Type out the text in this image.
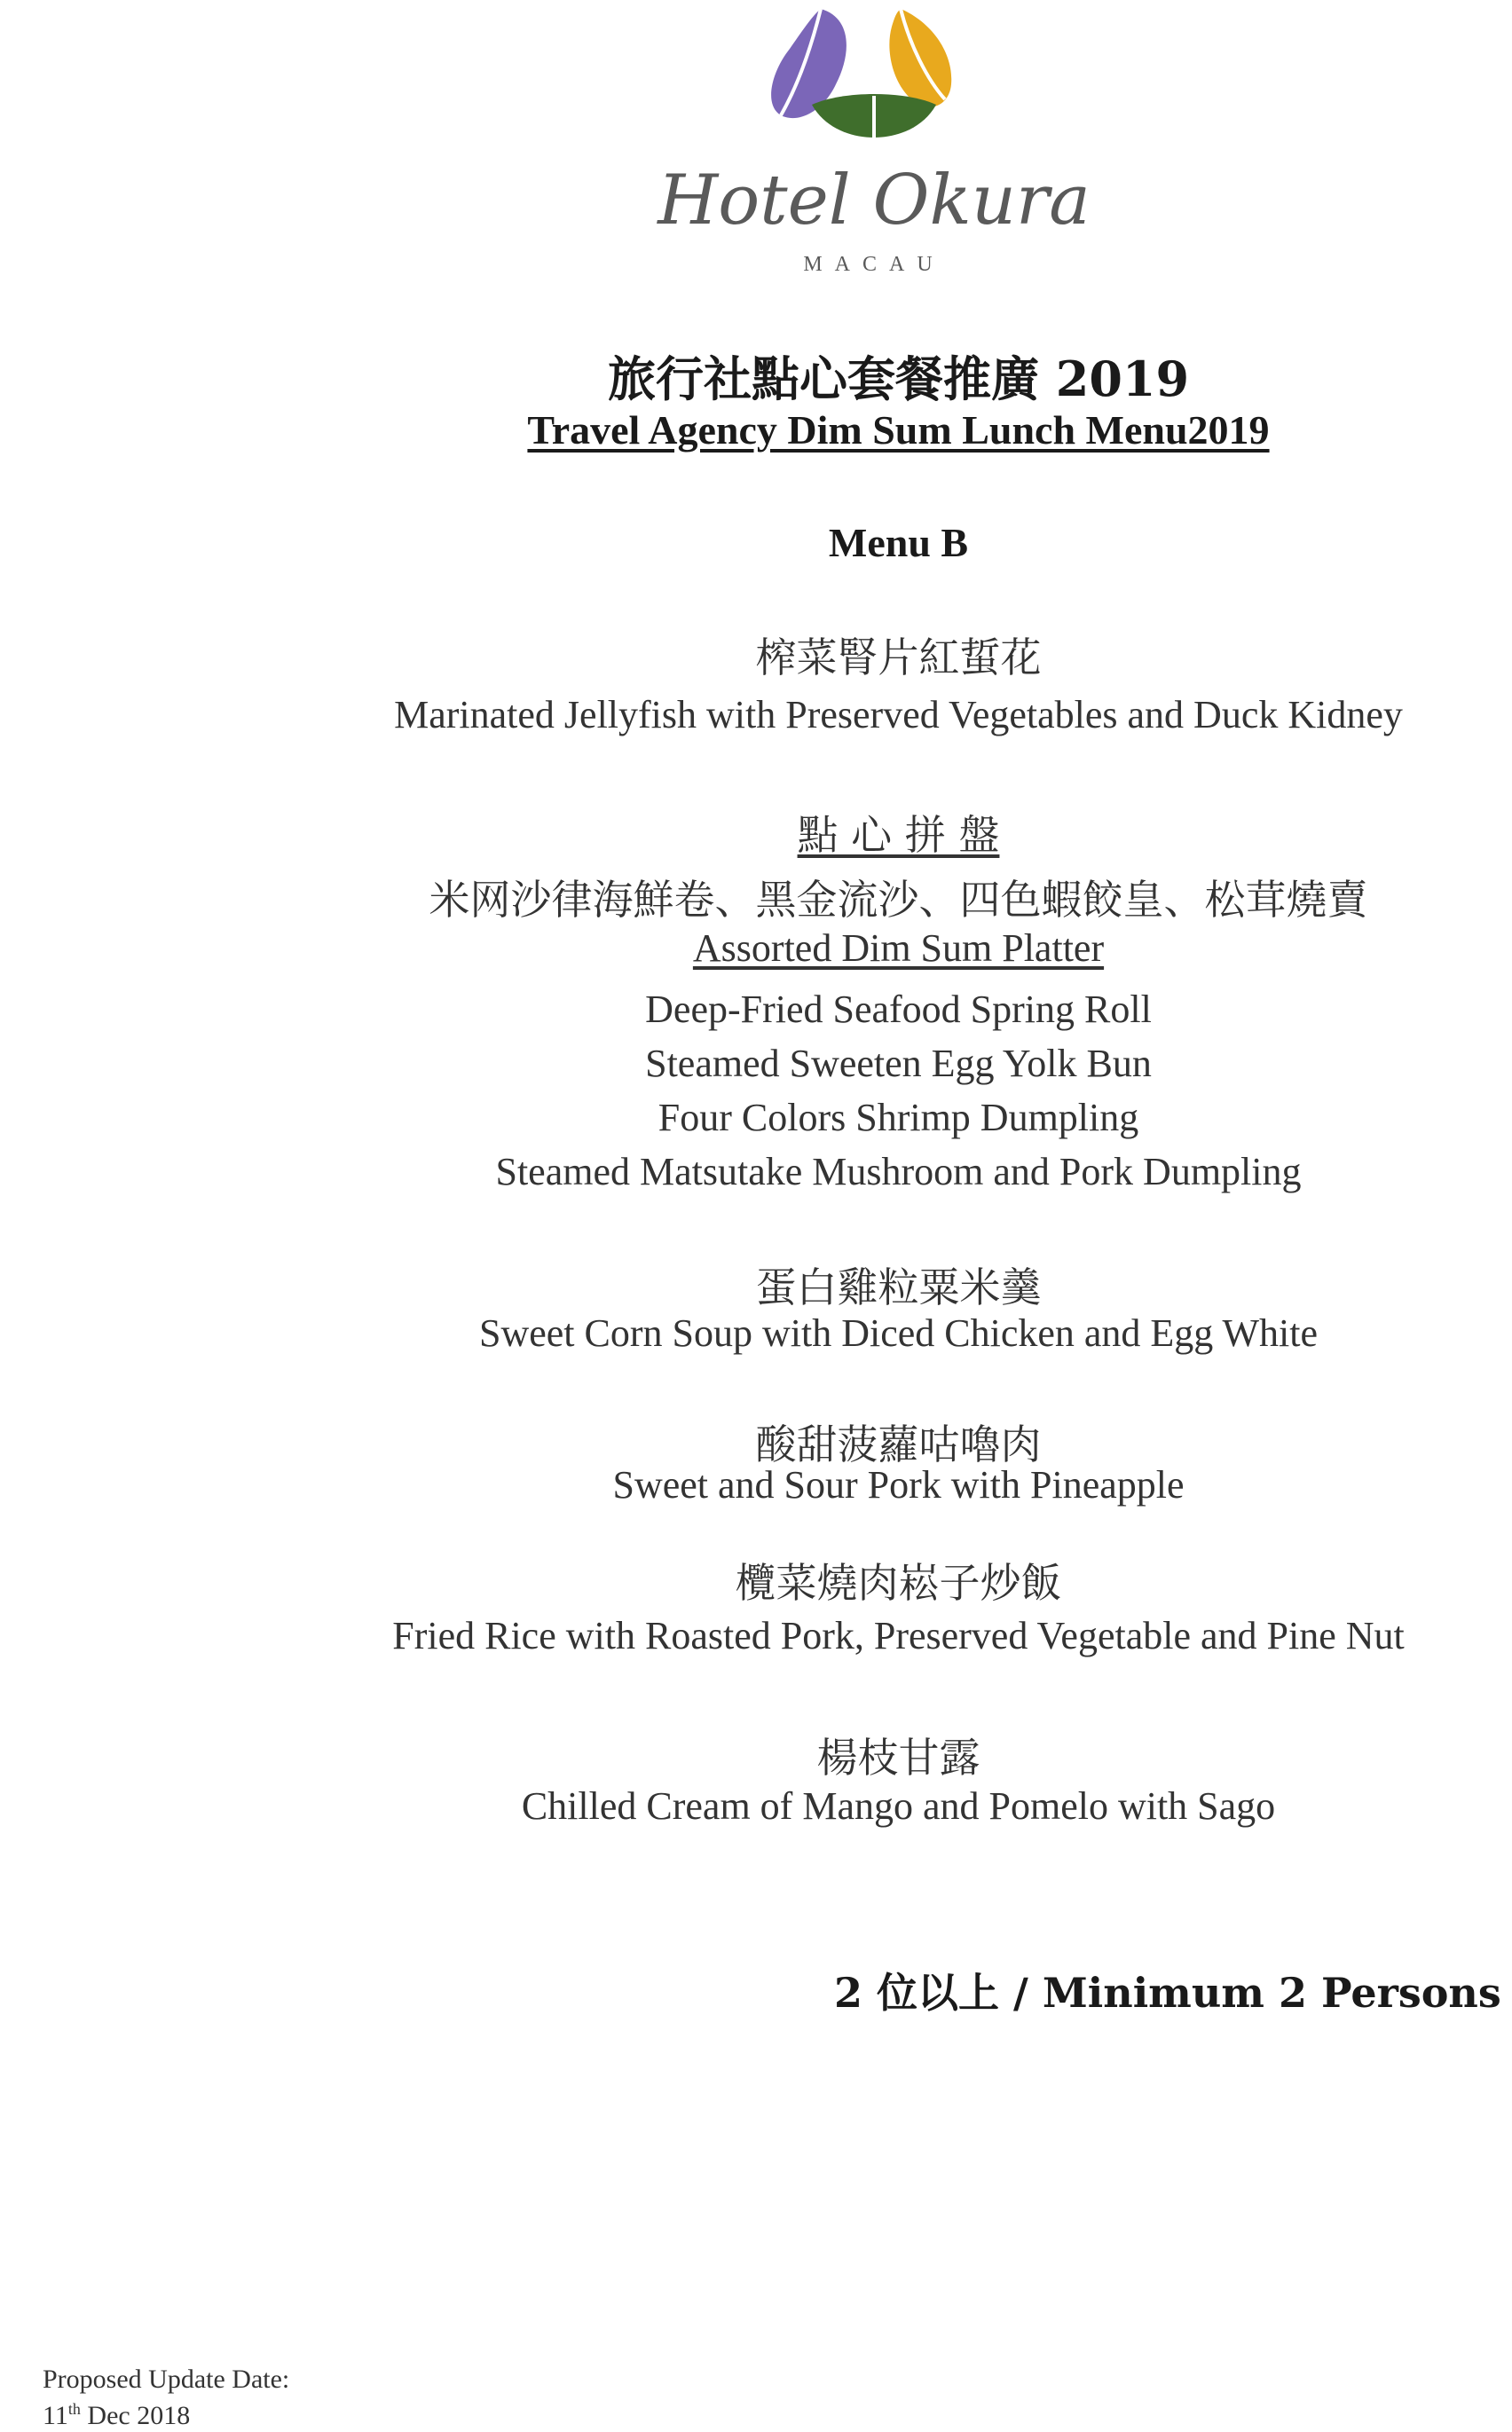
Hotel Okura
MACAU
旅行社點心套餐推廣 2019
Travel Agency Dim Sum Lunch Menu2019
Menu B
榨菜腎片紅蜇花
Marinated Jellyfish with Preserved Vegetables and Duck Kidney
點 心 拼 盤
米网沙律海鮮卷、黑金流沙、四色蝦餃皇、松茸燒賣
Assorted Dim Sum Platter
Deep-Fried Seafood Spring Roll
Steamed Sweeten Egg Yolk Bun
Four Colors Shrimp Dumpling
Steamed Matsutake Mushroom and Pork Dumpling
蛋白雞粒粟米羹
Sweet Corn Soup with Diced Chicken and Egg White
酸甜菠蘿咕嚕肉
Sweet and Sour Pork with Pineapple
欖菜燒肉崧子炒飯
Fried Rice with Roasted Pork, Preserved Vegetable and Pine Nut
楊枝甘露
Chilled Cream of Mango and Pomelo with Sago
2 位以上 / Minimum 2 Persons
Proposed Update Date:
11th Dec 2018
